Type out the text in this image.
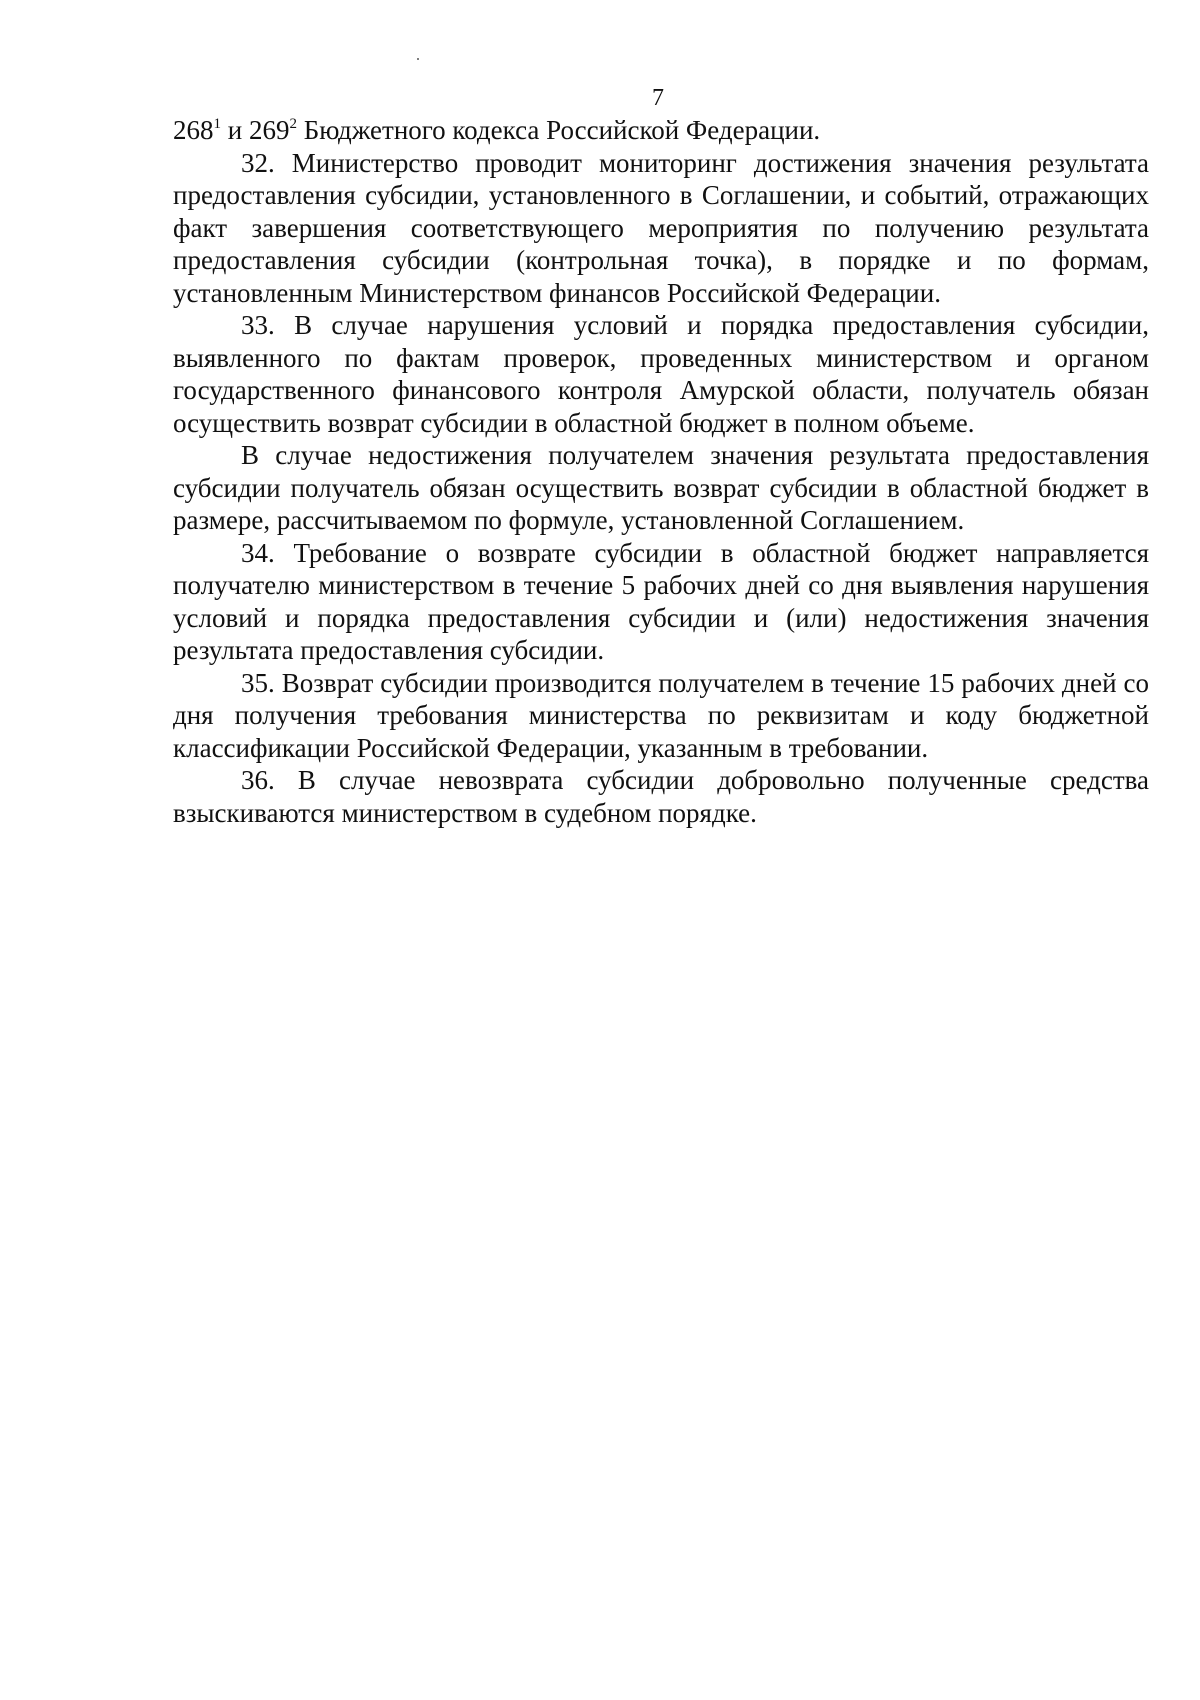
7

$268^1$ и $269^2$ Бюджетного кодекса Российской Федерации.

32. Министерство проводит мониторинг достижения значения результата предоставления субсидии, установленного в Соглашении, и событий, отражающих факт завершения соответствующего мероприятия по получению результата предоставления субсидии (контрольная точка), в порядке и по формам, установленным Министерством финансов Российской Федерации.

33. В случае нарушения условий и порядка предоставления субсидии, выявленного по фактам проверок, проведенных министерством и органом государственного финансового контроля Амурской области, получатель обязан осуществить возврат субсидии в областной бюджет в полном объеме.

В случае недостижения получателем значения результата предоставления субсидии получатель обязан осуществить возврат субсидии в областной бюджет в размере, рассчитываемом по формуле, установленной Соглашением.

34. Требование о возврате субсидии в областной бюджет направляется получателю министерством в течение 5 рабочих дней со дня выявления нарушения условий и порядка предоставления субсидии и (или) недостижения значения результата предоставления субсидии.

35. Возврат субсидии производится получателем в течение 15 рабочих дней со дня получения требования министерства по реквизитам и коду бюджетной классификации Российской Федерации, указанным в требовании.

36. В случае невозврата субсидии добровольно полученные средства взыскиваются министерством в судебном порядке.
